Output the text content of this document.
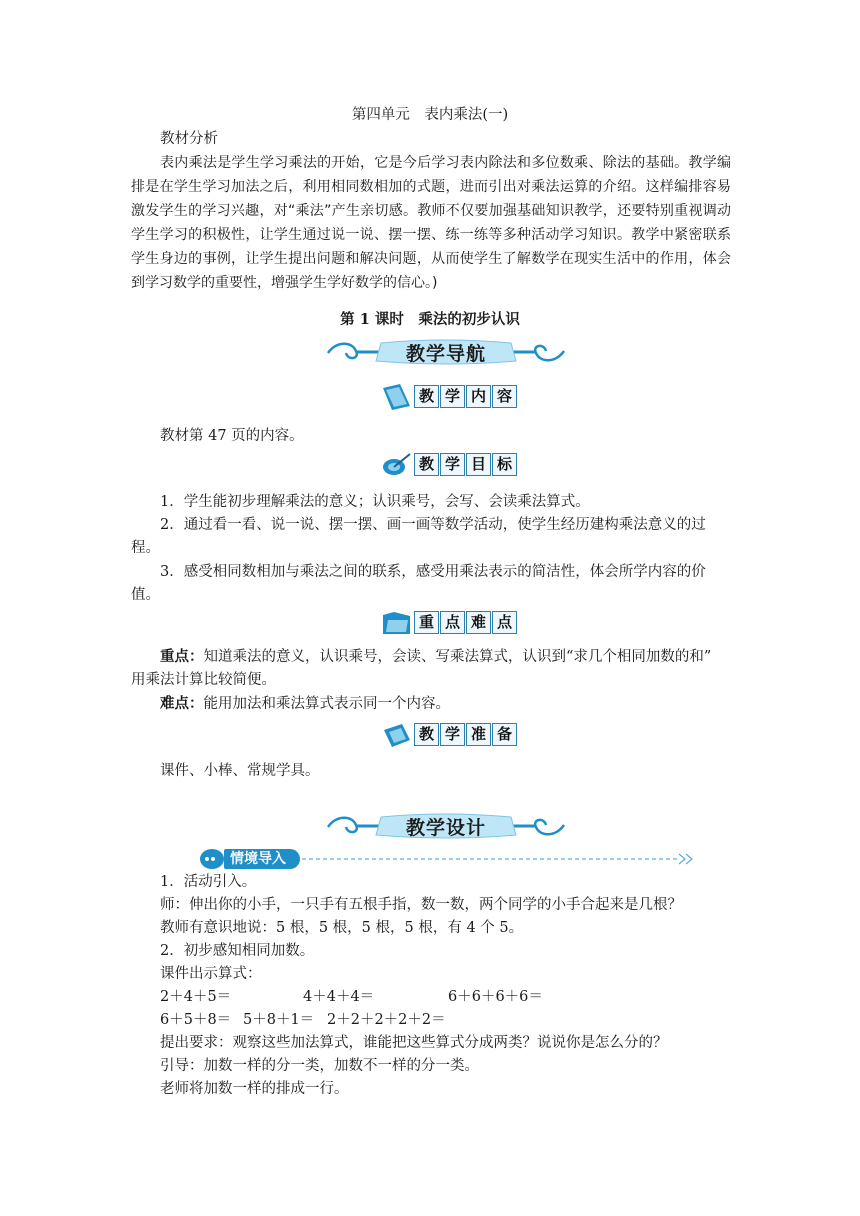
第四单元　表内乘法(一)
教材分析
表内乘法是学生学习乘法的开始，它是今后学习表内除法和多位数乘、除法的基础。教学编排是在学生学习加法之后，利用相同数相加的式题，进而引出对乘法运算的介绍。这样编排容易激发学生的学习兴趣，对“乘法”产生亲切感。教师不仅要加强基础知识教学，还要特别重视调动学生学习的积极性，让学生通过说一说、摆一摆、练一练等多种活动学习知识。教学中紧密联系学生身边的事例，让学生提出问题和解决问题，从而使学生了解数学在现实生活中的作用，体会到学习数学的重要性，增强学生学好数学的信心。)
第 1 课时　乘法的初步认识
教学导航
教 学 内 容
教材第 47 页的内容。
教 学 目 标
1．学生能初步理解乘法的意义；认识乘号，会写、会读乘法算式。
2．通过看一看、说一说、摆一摆、画一画等数学活动，使学生经历建构乘法意义的过
程。
3．感受相同数相加与乘法之间的联系，感受用乘法表示的简洁性，体会所学内容的价
值。
重 点 难 点
重点：知道乘法的意义，认识乘号，会读、写乘法算式，认识到“求几个相同加数的和”
用乘法计算比较简便。
难点：能用加法和乘法算式表示同一个内容。
教 学 准 备
课件、小棒、常规学具。
教学设计
情境导入
1．活动引入。
师：伸出你的小手，一只手有五根手指，数一数，两个同学的小手合起来是几根？
教师有意识地说：5 根，5 根，5 根，5 根，有 4 个 5。
2．初步感知相同加数。
课件出示算式：
2＋4＋5＝	4＋4＋4＝	6＋6＋6＋6＝
6＋5＋8＝ 5＋8＋1＝ 2＋2＋2＋2＋2＝
提出要求：观察这些加法算式，谁能把这些算式分成两类？说说你是怎么分的？
引导：加数一样的分一类，加数不一样的分一类。
老师将加数一样的排成一行。
